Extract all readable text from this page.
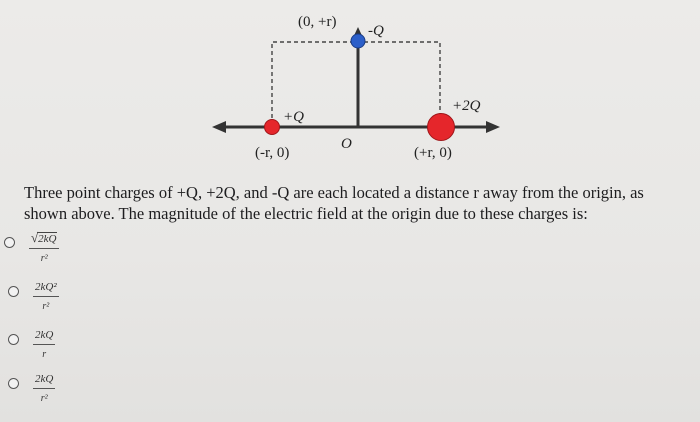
(0, +r)
-Q
+Q
+2Q
O
(-r, 0)	(+r, 0)

Three point charges of +Q, +2Q, and -Q are each located a distance r away from the origin, as shown above. The magnitude of the electric field at the origin due to these charges is:

$\frac{√ 2kQ}{\text{r²}}$
$\frac{\text{2kQ²}}{\text{r²}}$
$\frac{2kQ}{r}$
$\frac{2kQ}{\text{r²}}$
